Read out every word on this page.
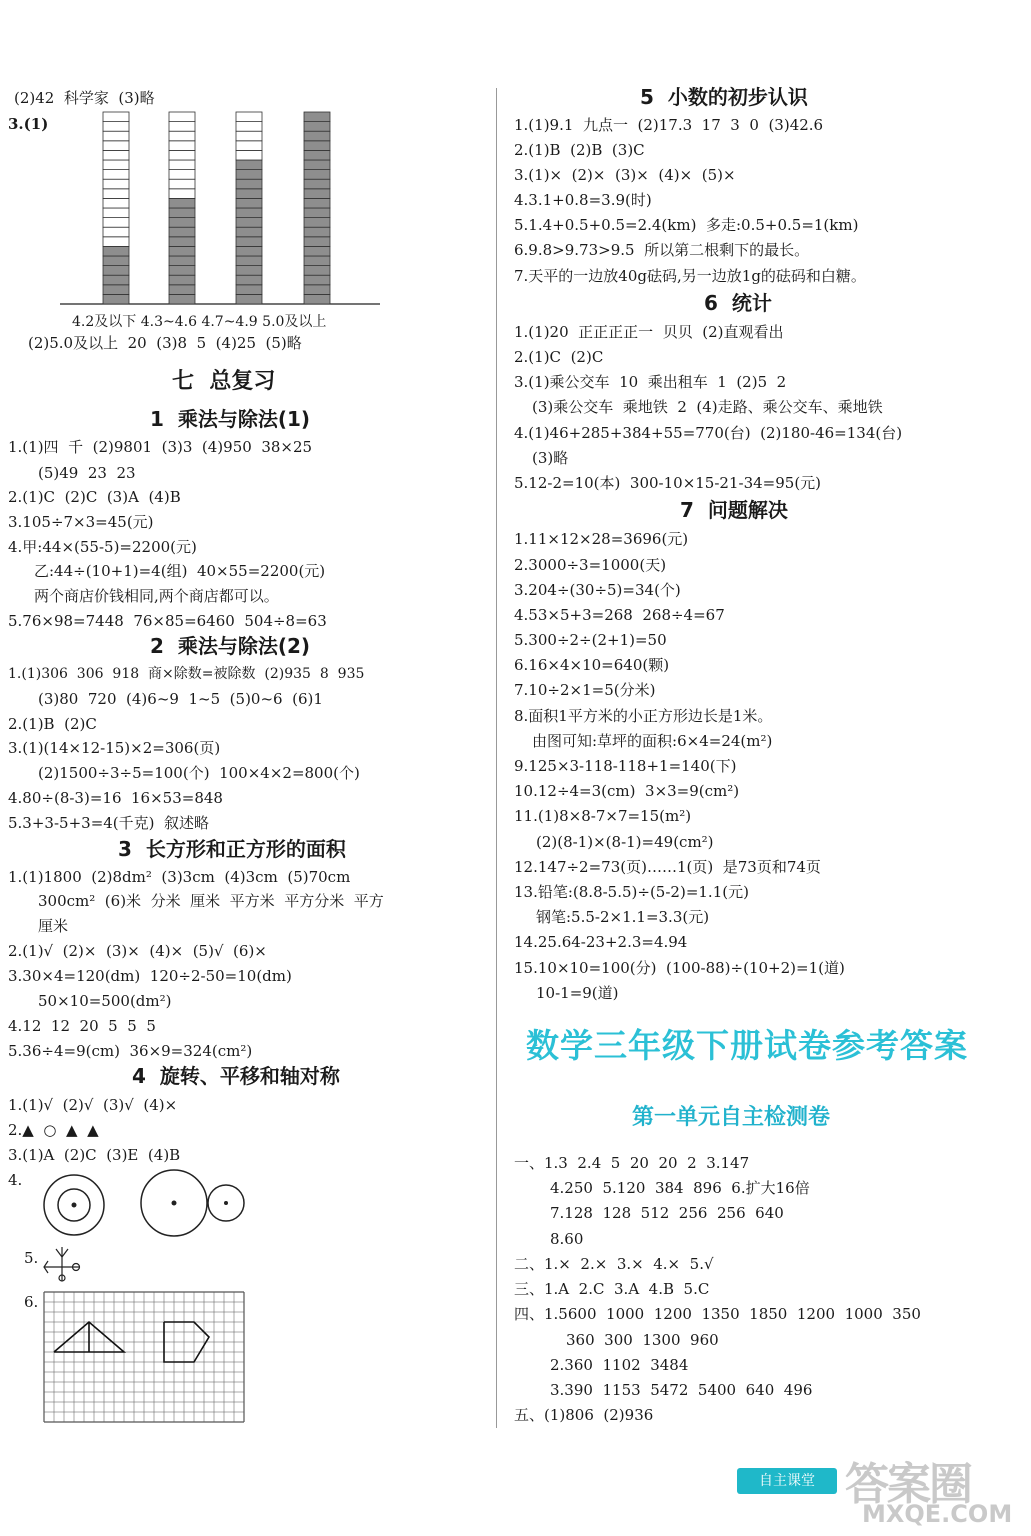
(2)42  科学家  (3)略
3.(1)
4.2及以下 4.3~4.6 4.7~4.9 5.0及以上
(2)5.0及以上  20  (3)8  5  (4)25  (5)略
七  总复习
1  乘法与除法(1)
1.(1)四  千  (2)9801  (3)3  (4)950  38×25
(5)49  23  23
2.(1)C  (2)C  (3)A  (4)B
3.105÷7×3=45(元)
4.甲:44×(55-5)=2200(元)
乙:44÷(10+1)=4(组)  40×55=2200(元)
两个商店价钱相同,两个商店都可以。
5.76×98=7448  76×85=6460  504÷8=63
2  乘法与除法(2)
1.(1)306  306  918  商×除数=被除数  (2)935  8  935
(3)80  720  (4)6~9  1~5  (5)0~6  (6)1
2.(1)B  (2)C
3.(1)(14×12-15)×2=306(页)
(2)1500÷3÷5=100(个)  100×4×2=800(个)
4.80÷(8-3)=16  16×53=848
5.3+3-5+3=4(千克)  叙述略
3  长方形和正方形的面积
1.(1)1800  (2)8dm²  (3)3cm  (4)3cm  (5)70cm
300cm²  (6)米  分米  厘米  平方米  平方分米  平方
厘米
2.(1)√  (2)×  (3)×  (4)×  (5)√  (6)×
3.30×4=120(dm)  120÷2-50=10(dm)
50×10=500(dm²)
4.12  12  20  5  5  5
5.36÷4=9(cm)  36×9=324(cm²)
4  旋转、平移和轴对称
1.(1)√  (2)√  (3)√  (4)×
2.▲  ○  ▲  ▲
3.(1)A  (2)C  (3)E  (4)B
4.
5.
6.
5  小数的初步认识
1.(1)9.1  九点一  (2)17.3  17  3  0  (3)42.6
2.(1)B  (2)B  (3)C
3.(1)×  (2)×  (3)×  (4)×  (5)×
4.3.1+0.8=3.9(时)
5.1.4+0.5+0.5=2.4(km)  多走:0.5+0.5=1(km)
6.9.8>9.73>9.5  所以第二根剩下的最长。
7.天平的一边放40g砝码,另一边放1g的砝码和白糖。
6  统计
1.(1)20  正正正正一  贝贝  (2)直观看出
2.(1)C  (2)C
3.(1)乘公交车  10  乘出租车  1  (2)5  2
(3)乘公交车  乘地铁  2  (4)走路、乘公交车、乘地铁
4.(1)46+285+384+55=770(台)  (2)180-46=134(台)
(3)略
5.12-2=10(本)  300-10×15-21-34=95(元)
7  问题解决
1.11×12×28=3696(元)
2.3000÷3=1000(天)
3.204÷(30÷5)=34(个)
4.53×5+3=268  268÷4=67
5.300÷2÷(2+1)=50
6.16×4×10=640(颗)
7.10÷2×1=5(分米)
8.面积1平方米的小正方形边长是1米。
由图可知:草坪的面积:6×4=24(m²)
9.125×3-118-118+1=140(下)
10.12÷4=3(cm)  3×3=9(cm²)
11.(1)8×8-7×7=15(m²)
(2)(8-1)×(8-1)=49(cm²)
12.147÷2=73(页)……1(页)  是73页和74页
13.铅笔:(8.8-5.5)÷(5-2)=1.1(元)
钢笔:5.5-2×1.1=3.3(元)
14.25.64-23+2.3=4.94
15.10×10=100(分)  (100-88)÷(10+2)=1(道)
10-1=9(道)
数学三年级下册试卷参考答案
第一单元自主检测卷
一、1.3  2.4  5  20  20  2  3.147
4.250  5.120  384  896  6.扩大16倍
7.128  128  512  256  256  640
8.60
二、1.×  2.×  3.×  4.×  5.√
三、1.A  2.C  3.A  4.B  5.C
四、1.5600  1000  1200  1350  1850  1200  1000  350
360  300  1300  960
2.360  1102  3484
3.390  1153  5472  5400  640  496
五、(1)806  (2)936
自主课堂 答案圈
MXQE.COM
